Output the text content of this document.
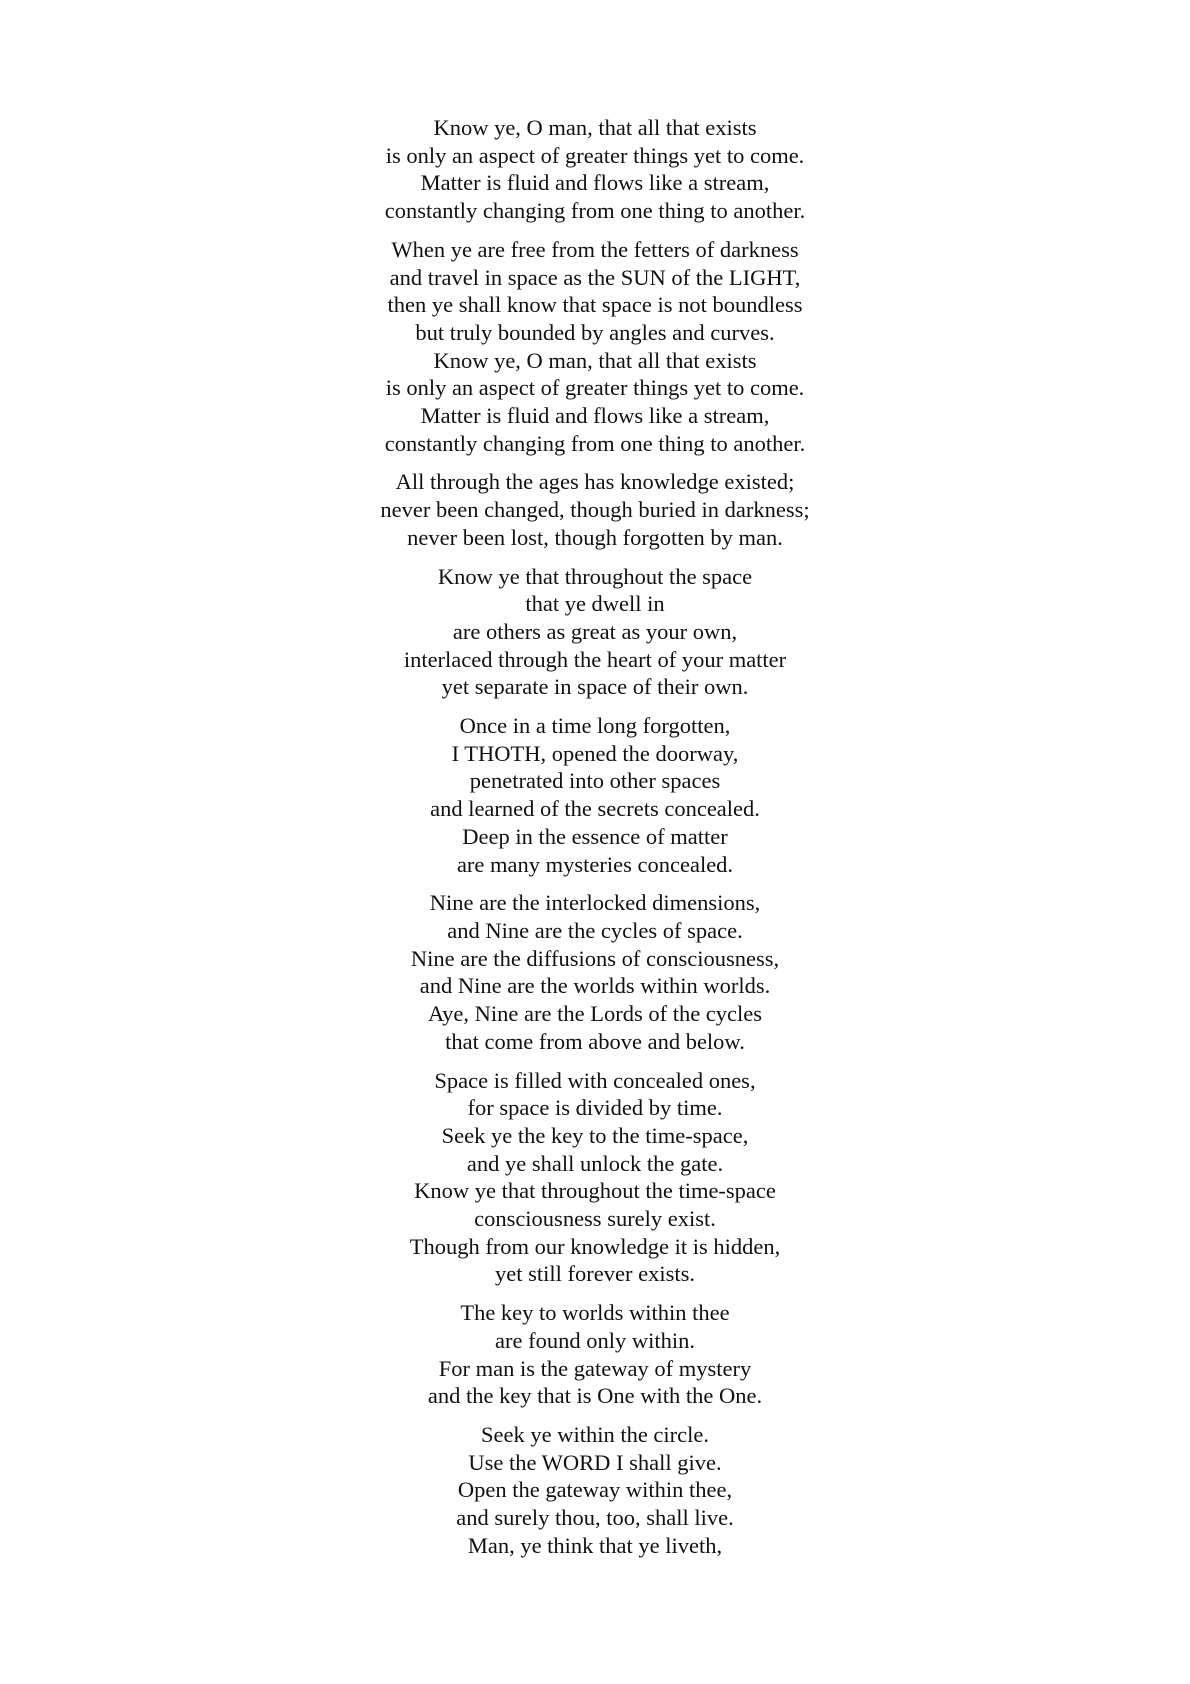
Know ye, O man, that all that exists
is only an aspect of greater things yet to come.
Matter is fluid and flows like a stream,
constantly changing from one thing to another.
When ye are free from the fetters of darkness
and travel in space as the SUN of the LIGHT,
then ye shall know that space is not boundless
but truly bounded by angles and curves.
Know ye, O man, that all that exists
is only an aspect of greater things yet to come.
Matter is fluid and flows like a stream,
constantly changing from one thing to another.
All through the ages has knowledge existed;
never been changed, though buried in darkness;
never been lost, though forgotten by man.
Know ye that throughout the space
that ye dwell in
are others as great as your own,
interlaced through the heart of your matter
yet separate in space of their own.
Once in a time long forgotten,
I THOTH, opened the doorway,
penetrated into other spaces
and learned of the secrets concealed.
Deep in the essence of matter
are many mysteries concealed.
Nine are the interlocked dimensions,
and Nine are the cycles of space.
Nine are the diffusions of consciousness,
and Nine are the worlds within worlds.
Aye, Nine are the Lords of the cycles
that come from above and below.
Space is filled with concealed ones,
for space is divided by time.
Seek ye the key to the time-space,
and ye shall unlock the gate.
Know ye that throughout the time-space
consciousness surely exist.
Though from our knowledge it is hidden,
yet still forever exists.
The key to worlds within thee
are found only within.
For man is the gateway of mystery
and the key that is One with the One.
Seek ye within the circle.
Use the WORD I shall give.
Open the gateway within thee,
and surely thou, too, shall live.
Man, ye think that ye liveth,
